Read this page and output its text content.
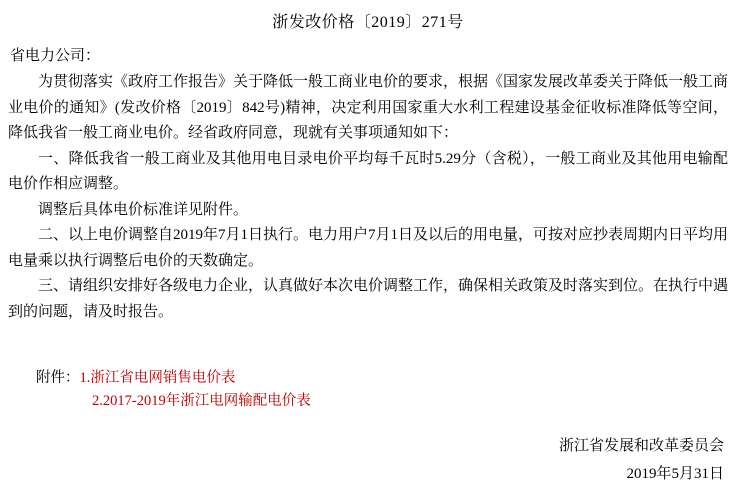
浙发改价格〔2019〕271号
省电力公司：

为贯彻落实《政府工作报告》关于降低一般工商业电价的要求，根据《国家发展改革委关于降低一般工商业电价的通知》(发改价格〔2019〕842号)精神，决定利用国家重大水利工程建设基金征收标准降低等空间，降低我省一般工商业电价。经省政府同意，现就有关事项通知如下：

一、降低我省一般工商业及其他用电目录电价平均每千瓦时5.29分（含税），一般工商业及其他用电输配电价作相应调整。

调整后具体电价标准详见附件。

二、以上电价调整自2019年7月1日执行。电力用户7月1日及以后的用电量，可按对应抄表周期内日平均用电量乘以执行调整后电价的天数确定。

三、请组织安排好各级电力企业，认真做好本次电价调整工作，确保相关政策及时落实到位。在执行中遇到的问题，请及时报告。

附件：1.浙江省电网销售电价表
2.2017-2019年浙江电网输配电价表
浙江省发展和改革委员会
2019年5月31日
